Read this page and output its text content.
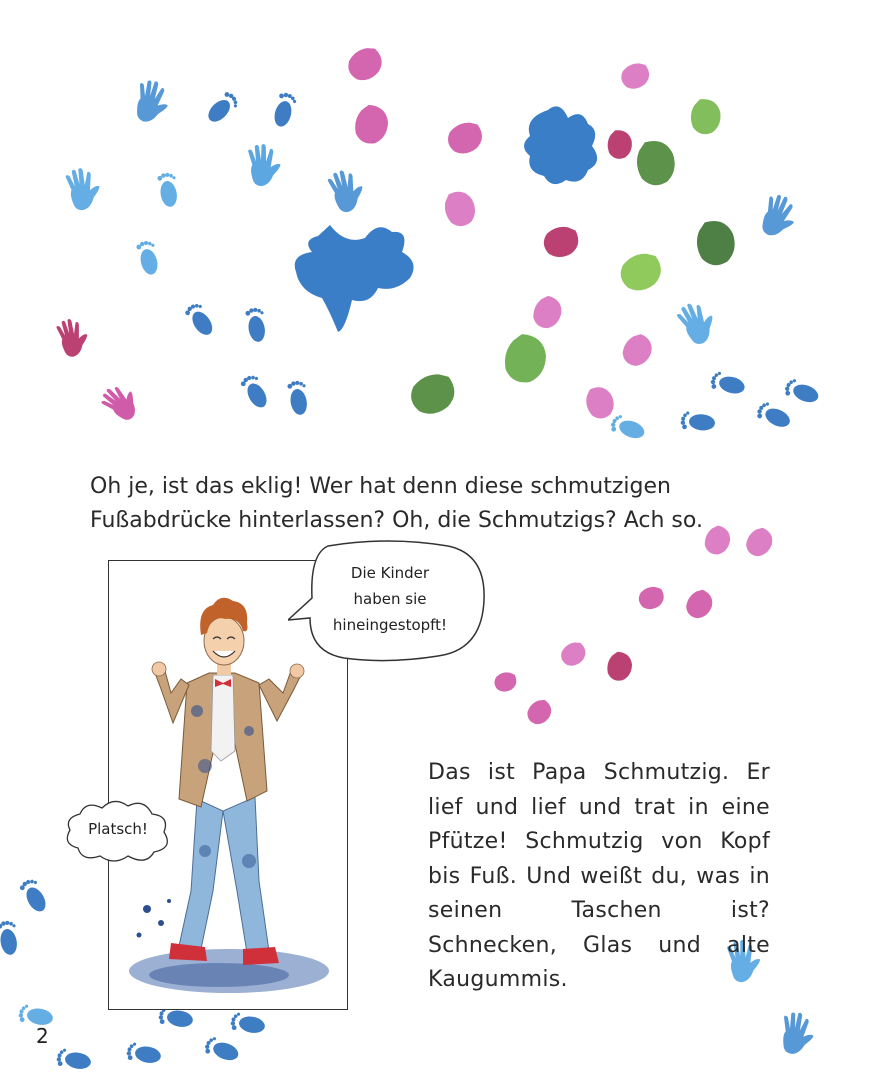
Oh je, ist das eklig! Wer hat denn diese schmutzigen Fußabdrücke hinterlassen? Oh, die Schmutzigs? Ach so.

Die Kinder
haben sie
hineingestopft!
Platsch!

Das ist Papa Schmutzig. Er lief und lief und trat in eine Pfütze! Schmutzig von Kopf bis Fuß. Und weißt du, was in seinen Taschen ist? Schnecken, Glas und alte Kaugummis.

2
